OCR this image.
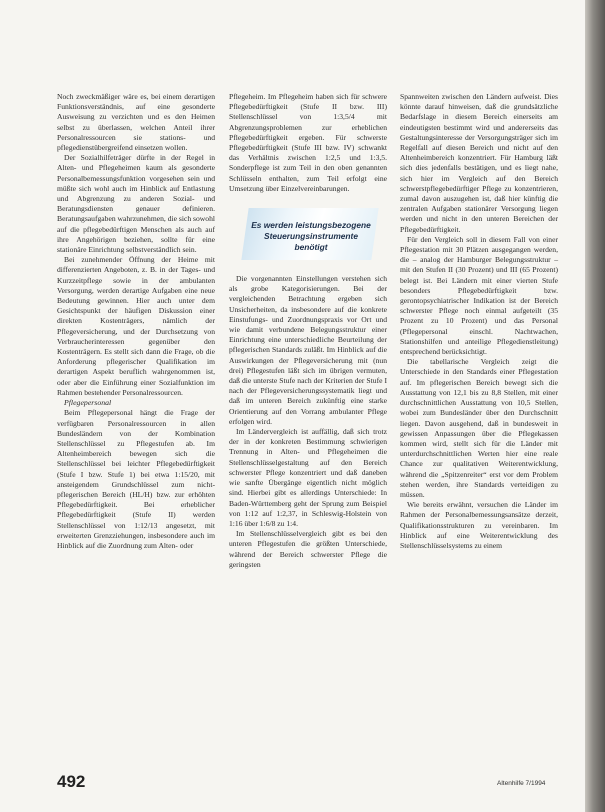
Noch zweckmäßiger wäre es, bei einem derartigen Funktionsverständnis, auf eine gesonderte Ausweisung zu verzichten und es den Heimen selbst zu überlassen, welchen Anteil ihrer Personalressourcen sie stations- und pflegedienstübergreifend einsetzen wollen.

Der Sozialhilfeträger dürfte in der Regel in Alten- und Pflegeheimen kaum als gesonderte Personalbemessungsfunktion vorgesehen sein und müßte sich wohl auch im Hinblick auf Entlastung und Abgrenzung zu anderen Sozial- und Beratungsdiensten genauer definieren. Beratungsaufgaben wahrzunehmen, die sich sowohl auf die pflegebedürftigen Menschen als auch auf ihre Angehörigen beziehen, sollte für eine stationäre Einrichtung selbstverständlich sein.

Bei zunehmender Öffnung der Heime mit differenzierten Angeboten, z. B. in der Tages- und Kurzzeitpflege sowie in der ambulanten Versorgung, werden derartige Aufgaben eine neue Bedeutung gewinnen. Hier auch unter dem Gesichtspunkt der häufigen Diskussion einer direkten Kostenträgers, nämlich der Pflegeversicherung, und der Durchsetzung von Verbraucherinteressen gegenüber den Kostenträgern. Es stellt sich dann die Frage, ob die Anforderung pflegerischer Qualifikation im derartigen Aspekt beruflich wahrgenommen ist, oder aber die Einführung einer Sozialfunktion im Rahmen bestehender Personalressourcen.

Pflegepersonal

Beim Pflegepersonal hängt die Frage der verfügbaren Personalressourcen in allen Bundesländern von der Kombination Stellenschlüssel zu Pflegestufen ab. Im Altenheimbereich bewegen sich die Stellenschlüssel bei leichter Pflegebedürftigkeit (Stufe I bzw. Stufe 1) bei etwa 1:15/20, mit ansteigendem Grundschlüssel zum nicht-pflegerischen Bereich (HL/H) bzw. zur erhöhten Pflegebedürftigkeit. Bei erheblicher Pflegebedürftigkeit (Stufe II) werden Stellenschlüssel von 1:12/13 angesetzt, mit erweiterten Grenzziehungen, insbesondere auch im Hinblick auf die Zuordnung zum Alten- oder

Pflegeheim. Im Pflegeheim haben sich für schwere Pflegebedürftigkeit (Stufe II bzw. III) Stellenschlüssel von 1:3,5/4 mit Abgrenzungsproblemen zur erheblichen Pflegebedürftigkeit ergeben. Für schwerste Pflegebedürftigkeit (Stufe III bzw. IV) schwankt das Verhältnis zwischen 1:2,5 und 1:3,5. Sonderpflege ist zum Teil in den oben genannten Schlüsseln enthalten, zum Teil erfolgt eine Umsetzung über Einzelvereinbarungen.

Es werden leistungsbezogene Steuerungsinstrumente benötigt

Die vorgenannten Einstellungen verstehen sich als grobe Kategorisierungen. Bei der vergleichenden Betrachtung ergeben sich Unsicherheiten, da insbesondere auf die konkrete Einstufungs- und Zuordnungspraxis vor Ort und wie damit verbundene Belegungsstruktur einer Einrichtung eine unterschiedliche Beurteilung der pflegerischen Standards zuläßt. Im Hinblick auf die Auswirkungen der Pflegeversicherung mit (nun drei) Pflegestufen läßt sich im übrigen vermuten, daß die unterste Stufe nach der Kriterien der Stufe I nach der Pflegeversicherungssystematik liegt und daß im unteren Bereich zukünftig eine starke Orientierung auf den Vorrang ambulanter Pflege erfolgen wird.

Im Ländervergleich ist auffällig, daß sich trotz der in der konkreten Bestimmung schwierigen Trennung in Alten- und Pflegeheimen die Stellenschlüsselgestaltung auf den Bereich schwerster Pflege konzentriert und daß daneben wie sanfte Übergänge eigentlich nicht möglich sind. Hierbei gibt es allerdings Unterschiede: In Baden-Württemberg geht der Sprung zum Beispiel von 1:12 auf 1:2,37, in Schleswig-Holstein von 1:16 über 1:6/8 zu 1:4.

Im Stellenschlüsselvergleich gibt es bei den unteren Pflegestufen die größten Unterschiede, während der Bereich schwerster Pflege die geringsten

Spannweiten zwischen den Ländern aufweist. Dies könnte darauf hinweisen, daß die grundsätzliche Bedarfslage in diesem Bereich einerseits am eindeutigsten bestimmt wird und andererseits das Gestaltungsinteresse der Versorgungsträger sich im Regelfall auf diesen Bereich und nicht auf den Altenheimbereich konzentriert. Für Hamburg läßt sich dies jedenfalls bestätigen, und es liegt nahe, sich hier im Vergleich auf den Bereich schwerstpflegebedürftiger Pflege zu konzentrieren, zumal davon auszugehen ist, daß hier künftig die zentralen Aufgaben stationärer Versorgung liegen werden und nicht in den unteren Bereichen der Pflegebedürftigkeit.

Für den Vergleich soll in diesem Fall von einer Pflegestation mit 30 Plätzen ausgegangen werden, die – analog der Hamburger Belegungsstruktur – mit den Stufen II (30 Prozent) und III (65 Prozent) belegt ist. Bei Ländern mit einer vierten Stufe besonders Pflegebedürftigkeit bzw. gerontopsychiatrischer Indikation ist der Bereich schwerster Pflege noch einmal aufgeteilt (35 Prozent zu 10 Prozent) und das Personal (Pflegepersonal einschl. Nachtwachen, Stationshilfen und anteilige Pflegedienstleitung) entsprechend berücksichtigt.

Die tabellarische Vergleich zeigt die Unterschiede in den Standards einer Pflegestation auf. Im pflegerischen Bereich bewegt sich die Ausstattung von 12,1 bis zu 8,8 Stellen, mit einer durchschnittlichen Ausstattung von 10,5 Stellen, wobei zum Bundesländer über den Durchschnitt liegen. Davon ausgehend, daß in bundesweit in gewissen Anpassungen über die Pflegekassen kommen wird, stellt sich für die Länder mit unterdurchschnittlichen Werten hier eine reale Chance zur qualitativen Weiterentwicklung, während die „Spitzenreiter“ erst vor dem Problem stehen werden, ihre Standards verteidigen zu müssen.

Wie bereits erwähnt, versuchen die Länder im Rahmen der Personalbemessungsansätze derzeit, Qualifikationsstrukturen zu vereinbaren. Im Hinblick auf eine Weiterentwicklung des Stellenschlüsselsystems zu einem

492	Altenhilfe 7/1994
